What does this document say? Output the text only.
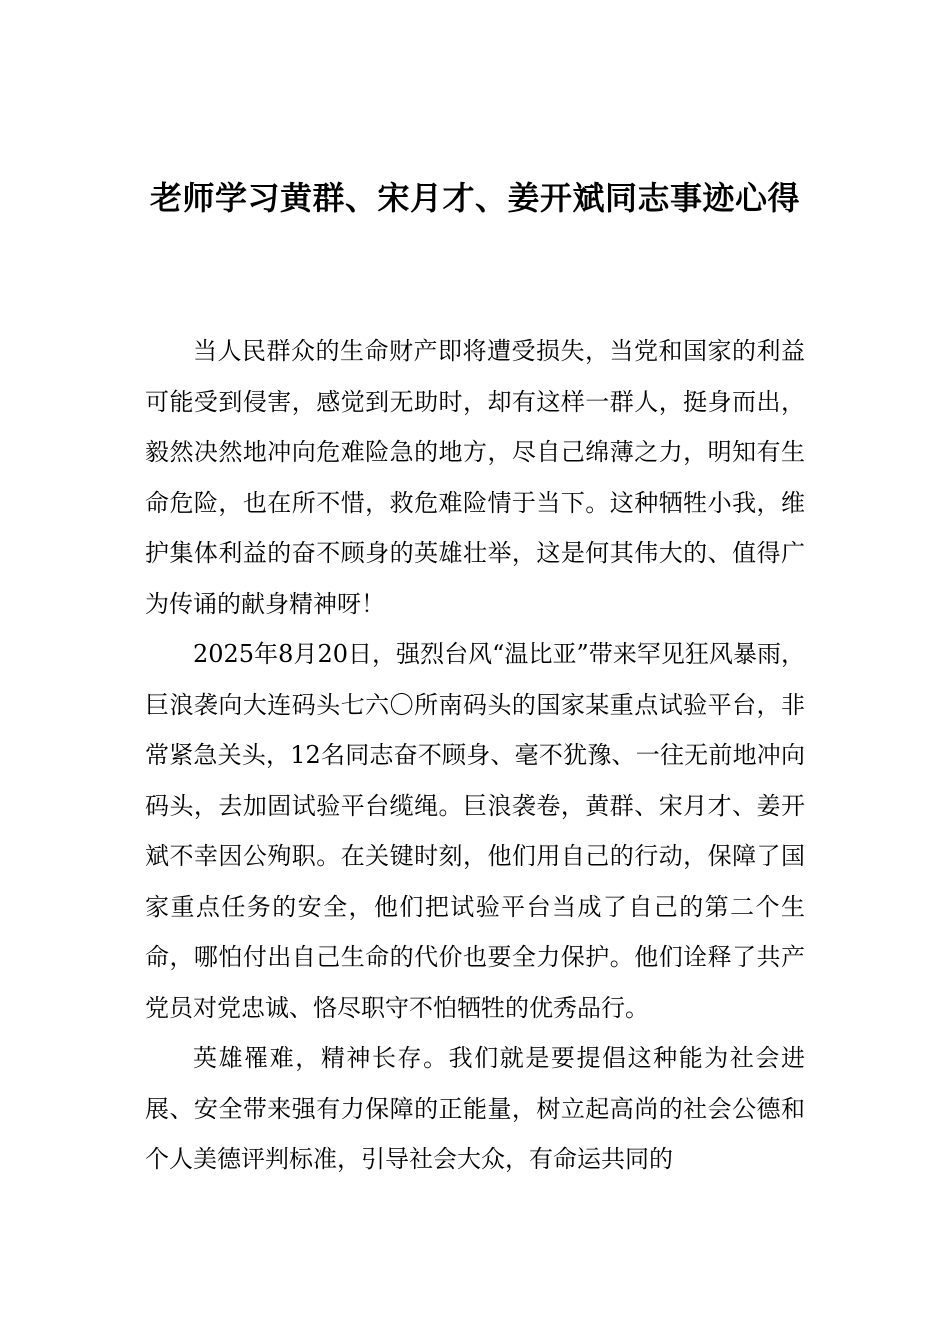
老师学习黄群、宋月才、姜开斌同志事迹心得

当人民群众的生命财产即将遭受损失，当党和国家的利益可能受到侵害，感觉到无助时，却有这样一群人，挺身而出，毅然决然地冲向危难险急的地方，尽自己绵薄之力，明知有生命危险，也在所不惜，救危难险情于当下。这种牺牲小我，维护集体利益的奋不顾身的英雄壮举，这是何其伟大的、值得广为传诵的献身精神呀！

2025年8月20日，强烈台风“温比亚”带来罕见狂风暴雨，巨浪袭向大连码头七六〇所南码头的国家某重点试验平台，非常紧急关头，12名同志奋不顾身、毫不犹豫、一往无前地冲向码头，去加固试验平台缆绳。巨浪袭卷，黄群、宋月才、姜开斌不幸因公殉职。在关键时刻，他们用自己的行动，保障了国家重点任务的安全，他们把试验平台当成了自己的第二个生命，哪怕付出自己生命的代价也要全力保护。他们诠释了共产党员对党忠诚、恪尽职守不怕牺牲的优秀品行。

英雄罹难，精神长存。我们就是要提倡这种能为社会进展、安全带来强有力保障的正能量，树立起高尚的社会公德和个人美德评判标准，引导社会大众，有命运共同的
